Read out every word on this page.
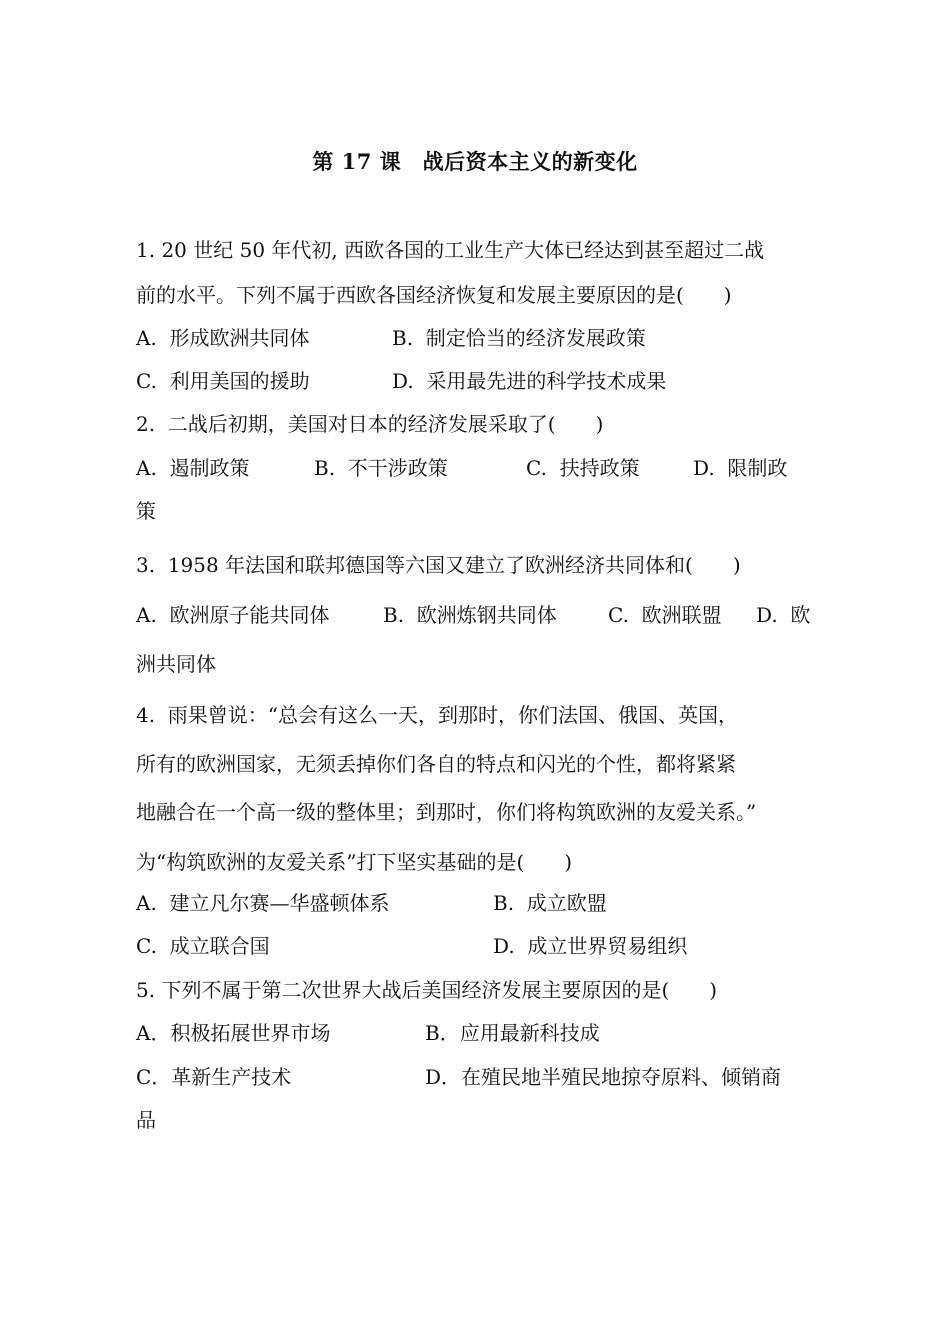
第 17 课　战后资本主义的新变化
1. 20 世纪 50 年代初, 西欧各国的工业生产大体已经达到甚至超过二战
前的水平。下列不属于西欧各国经济恢复和发展主要原因的是(　　)
A.  形成欧洲共同体	B.  制定恰当的经济发展政策
C.  利用美国的援助	D.  采用最先进的科学技术成果
2.  二战后初期，美国对日本的经济发展采取了(　　)
A.  遏制政策	B.  不干涉政策	C.  扶持政策	D.  限制政
策
3.  1958 年法国和联邦德国等六国又建立了欧洲经济共同体和(　　)
A.  欧洲原子能共同体	B.  欧洲炼钢共同体	C.  欧洲联盟 D.  欧
洲共同体
4.  雨果曾说：“总会有这么一天，到那时，你们法国、俄国、英国，
所有的欧洲国家，无须丢掉你们各自的特点和闪光的个性，都将紧紧
地融合在一个高一级的整体里；到那时，你们将构筑欧洲的友爱关系。”
为“构筑欧洲的友爱关系”打下坚实基础的是(　　)
A.  建立凡尔赛—华盛顿体系	B.  成立欧盟
C.  成立联合国	D.  成立世界贸易组织
5. 下列不属于第二次世界大战后美国经济发展主要原因的是(　　)
A．积极拓展世界市场	B．应用最新科技成
C．革新生产技术	D．在殖民地半殖民地掠夺原料、倾销商
品
